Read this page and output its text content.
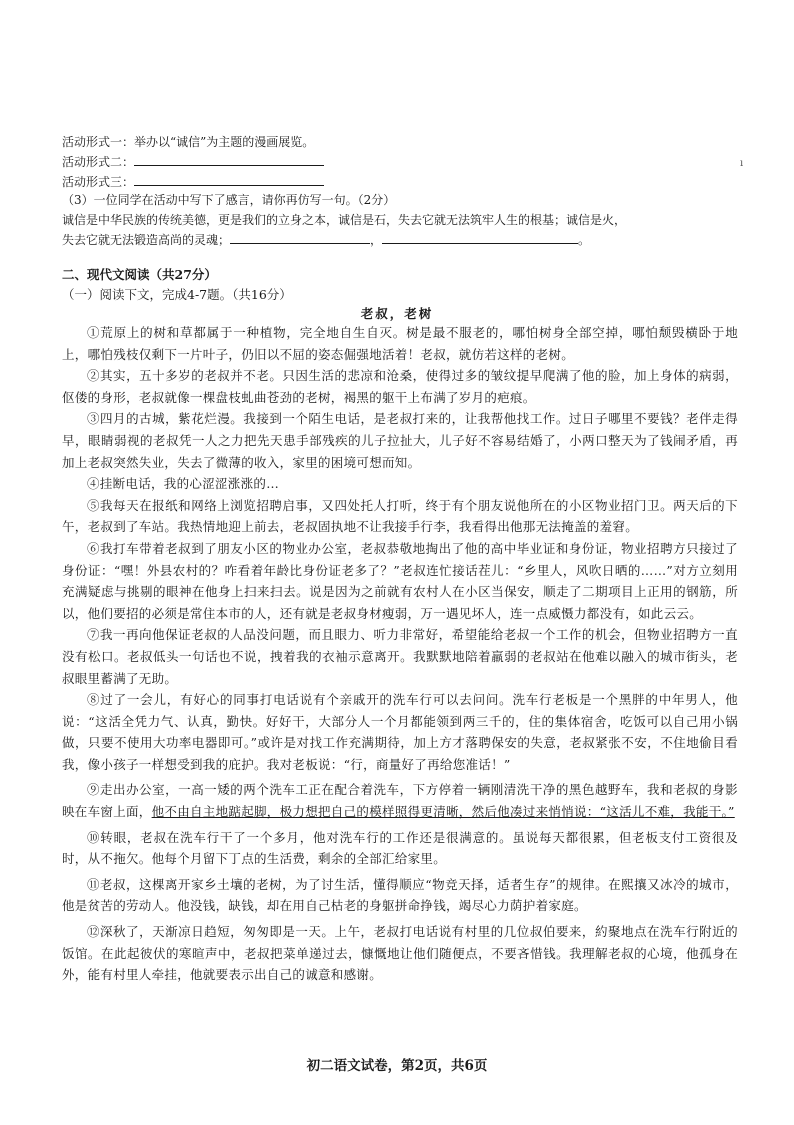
活动形式一：举办以“诚信”为主题的漫画展览。
活动形式二：
活动形式三：
（3）一位同学在活动中写下了感言，请你再仿写一句。（2分）
诚信是中华民族的传统美德，更是我们的立身之本，诚信是石，失去它就无法筑牢人生的根基；诚信是火，
失去它就无法锻造高尚的灵魂；	，	。
ı
二、现代文阅读（共27分）
（一）阅读下文，完成4-7题。（共16分）
老叔，老树

①荒原上的树和草都属于一种植物，完全地自生自灭。树是最不服老的，哪怕树身全部空掉，哪怕颓毁横卧于地上，哪怕残枝仅剩下一片叶子，仍旧以不屈的姿态倔强地活着！老叔，就仿若这样的老树。

②其实，五十多岁的老叔并不老。只因生活的悲凉和沧桑，使得过多的皱纹提早爬满了他的脸，加上身体的病弱，伛偻的身形，老叔就像一棵盘枝虬曲苍劲的老树，褐黑的躯干上布满了岁月的疤痕。

③四月的古城，紫花烂漫。我接到一个陌生电话，是老叔打来的，让我帮他找工作。过日子哪里不要钱？老伴走得早，眼睛弱视的老叔凭一人之力把先天患手部残疾的儿子拉扯大，儿子好不容易结婚了，小两口整天为了钱闹矛盾，再加上老叔突然失业，失去了微薄的收入，家里的困境可想而知。

④挂断电话，我的心涩涩涨涨的…

⑤我每天在报纸和网络上浏览招聘启事，又四处托人打听，终于有个朋友说他所在的小区物业招门卫。两天后的下午，老叔到了车站。我热情地迎上前去，老叔固执地不让我接手行李，我看得出他那无法掩盖的羞窘。

⑥我打车带着老叔到了朋友小区的物业办公室，老叔恭敬地掏出了他的高中毕业证和身份证，物业招聘方只接过了身份证：“嘿！外县农村的？咋看着年龄比身份证老多了？”老叔连忙接话茬儿：“乡里人，风吹日晒的……”对方立刻用充满疑虑与挑剔的眼神在他身上扫来扫去。说是因为之前就有农村人在小区当保安，顺走了二期项目上正用的钢筋，所以，他们要招的必须是常住本市的人，还有就是老叔身材瘦弱，万一遇见坏人，连一点威慑力都没有，如此云云。

⑦我一再向他保证老叔的人品没问题，而且眼力、听力非常好，希望能给老叔一个工作的机会，但物业招聘方一直没有松口。老叔低头一句话也不说，拽着我的衣袖示意离开。我默默地陪着羸弱的老叔站在他难以融入的城市街头，老叔眼里蓄满了无助。

⑧过了一会儿，有好心的同事打电话说有个亲戚开的洗车行可以去问问。洗车行老板是一个黑胖的中年男人，他说：“这活全凭力气、认真，勤快。好好干，大部分人一个月都能领到两三千的，住的集体宿舍，吃饭可以自己用小锅做，只要不使用大功率电器即可。”或许是对找工作充满期待，加上方才落聘保安的失意，老叔紧张不安，不住地偷目看我，像小孩子一样想受到我的庇护。我对老板说：“行，商量好了再给您准话！”

⑨走出办公室，一高一矮的两个洗车工正在配合着洗车，下方停着一辆刚清洗干净的黑色越野车，我和老叔的身影映在车窗上面，他不由自主地踮起脚，极力想把自己的模样照得更清晰，然后他凑过来悄悄说：“这活儿不难，我能干。”

⑩转眼，老叔在洗车行干了一个多月，他对洗车行的工作还是很满意的。虽说每天都很累，但老板支付工资很及时，从不拖欠。他每个月留下丁点的生活费，剩余的全部汇给家里。

⑪老叔，这棵离开家乡土壤的老树，为了讨生活，懂得顺应“物竞天择，适者生存”的规律。在熙攘又冰冷的城市，他是贫苦的劳动人。他没钱，缺钱，却在用自己枯老的身躯拼命挣钱，竭尽心力荫护着家庭。

⑫深秋了，天渐凉日趋短，匆匆即是一天。上午，老叔打电话说有村里的几位叔伯要来，約聚地点在洗车行附近的饭馆。在此起彼伏的寒暄声中，老叔把菜单递过去，慷慨地让他们随便点，不要吝惜钱。我理解老叔的心境，他孤身在外，能有村里人牵挂，他就要表示出自己的诚意和感谢。

初二语文试卷，第2页，共6页
